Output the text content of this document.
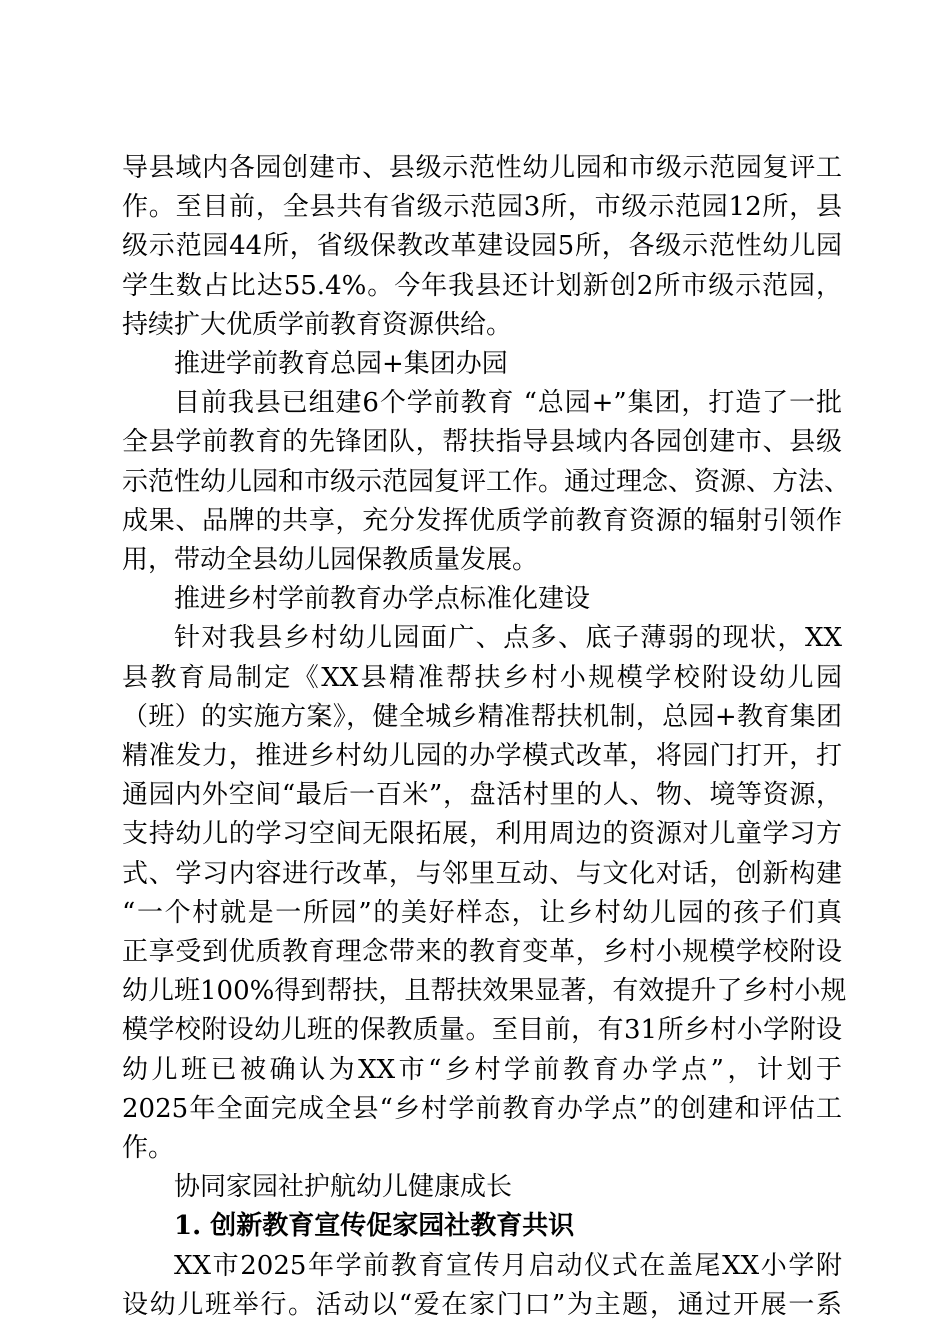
导县域内各园创建市、县级示范性幼儿园和市级示范园复评工
作。至目前，全县共有省级示范园3所，市级示范园12所，县
级示范园44所，省级保教改革建设园5所，各级示范性幼儿园
学生数占比达55.4%。今年我县还计划新创2所市级示范园，
持续扩大优质学前教育资源供给。
推进学前教育总园+集团办园
目前我县已组建6个学前教育 “总园+”集团，打造了一批
全县学前教育的先锋团队，帮扶指导县域内各园创建市、县级
示范性幼儿园和市级示范园复评工作。通过理念、资源、方法、
成果、品牌的共享，充分发挥优质学前教育资源的辐射引领作
用，带动全县幼儿园保教质量发展。
推进乡村学前教育办学点标准化建设
针对我县乡村幼儿园面广、点多、底子薄弱的现状，XX
县教育局制定《XX县精准帮扶乡村小规模学校附设幼儿园
（班）的实施方案》，健全城乡精准帮扶机制，总园+教育集团
精准发力，推进乡村幼儿园的办学模式改革，将园门打开，打
通园内外空间“最后一百米”，盘活村里的人、物、境等资源，
支持幼儿的学习空间无限拓展，利用周边的资源对儿童学习方
式、学习内容进行改革，与邻里互动、与文化对话，创新构建
“一个村就是一所园”的美好样态，让乡村幼儿园的孩子们真
正享受到优质教育理念带来的教育变革，乡村小规模学校附设
幼儿班100%得到帮扶，且帮扶效果显著，有效提升了乡村小规
模学校附设幼儿班的保教质量。至目前，有31所乡村小学附设
幼儿班已被确认为XX市“乡村学前教育办学点”，计划于
2025年全面完成全县“乡村学前教育办学点”的创建和评估工
作。
协同家园社护航幼儿健康成长
1. 创新教育宣传促家园社教育共识
XX市2025年学前教育宣传月启动仪式在盖尾XX小学附
设幼儿班举行。活动以“爱在家门口”为主题，通过开展一系
